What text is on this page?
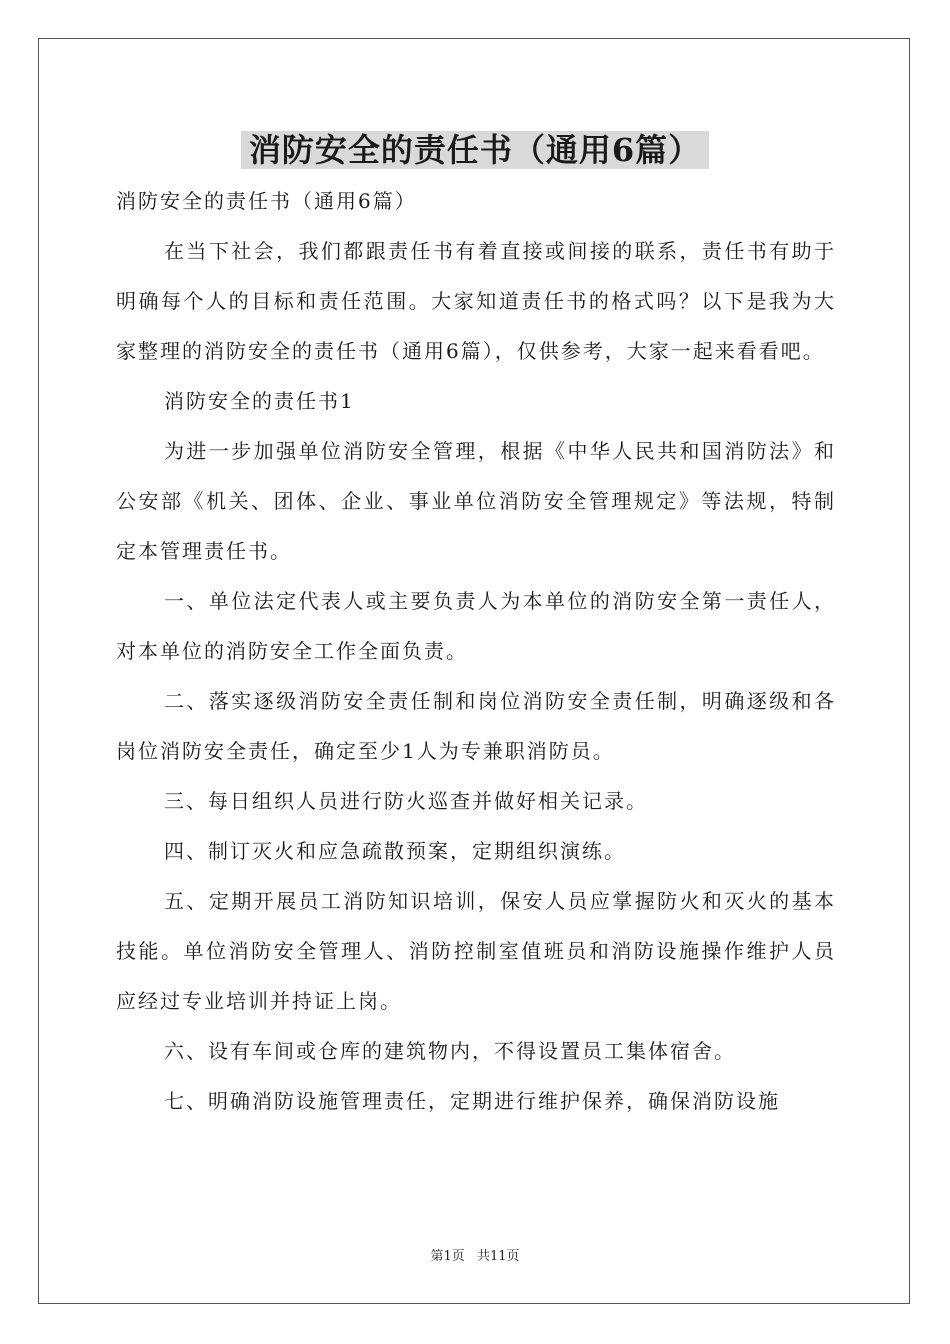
消防安全的责任书（通用6篇）

消防安全的责任书（通用6篇）

在当下社会，我们都跟责任书有着直接或间接的联系，责任书有助于明确每个人的目标和责任范围。大家知道责任书的格式吗？以下是我为大家整理的消防安全的责任书（通用6篇），仅供参考，大家一起来看看吧。

消防安全的责任书1

为进一步加强单位消防安全管理，根据《中华人民共和国消防法》和公安部《机关、团体、企业、事业单位消防安全管理规定》等法规，特制定本管理责任书。

一、单位法定代表人或主要负责人为本单位的消防安全第一责任人，对本单位的消防安全工作全面负责。

二、落实逐级消防安全责任制和岗位消防安全责任制，明确逐级和各岗位消防安全责任，确定至少1人为专兼职消防员。

三、每日组织人员进行防火巡查并做好相关记录。

四、制订灭火和应急疏散预案，定期组织演练。

五、定期开展员工消防知识培训，保安人员应掌握防火和灭火的基本技能。单位消防安全管理人、消防控制室值班员和消防设施操作维护人员应经过专业培训并持证上岗。

六、设有车间或仓库的建筑物内，不得设置员工集体宿舍。

七、明确消防设施管理责任，定期进行维护保养，确保消防设施

第1页 共11页
